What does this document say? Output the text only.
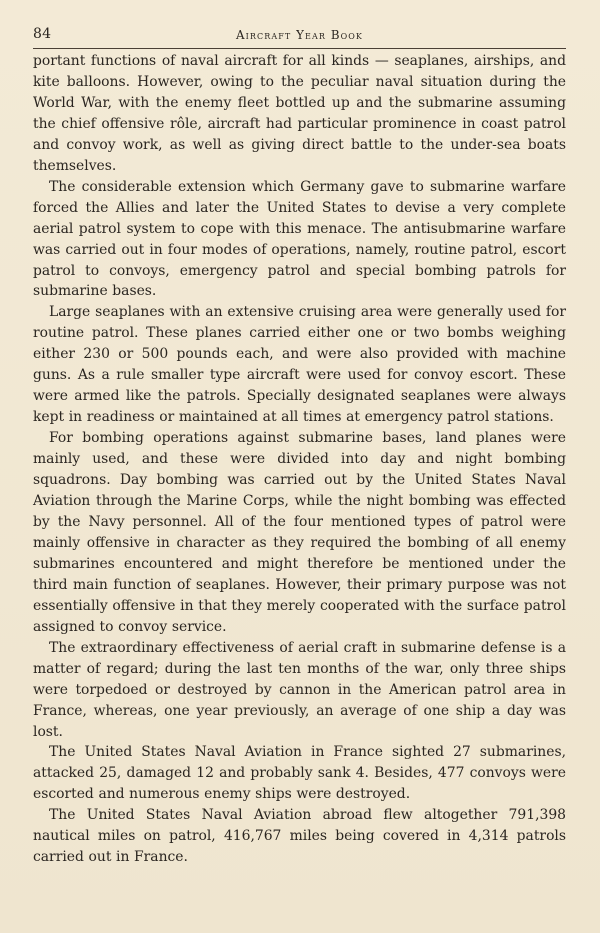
84	Aircraft Year Book

portant functions of naval aircraft for all kinds — seaplanes, airships, and kite balloons. However, owing to the peculiar naval situation during the World War, with the enemy fleet bottled up and the submarine assuming the chief offensive rôle, aircraft had particular prominence in coast patrol and convoy work, as well as giving direct battle to the under-sea boats themselves.

The considerable extension which Germany gave to submarine warfare forced the Allies and later the United States to devise a very complete aerial patrol system to cope with this menace. The antisubmarine warfare was carried out in four modes of operations, namely, routine patrol, escort patrol to convoys, emergency patrol and special bombing patrols for submarine bases.

Large seaplanes with an extensive cruising area were generally used for routine patrol. These planes carried either one or two bombs weighing either 230 or 500 pounds each, and were also provided with machine guns. As a rule smaller type aircraft were used for convoy escort. These were armed like the patrols. Specially designated seaplanes were always kept in readiness or maintained at all times at emergency patrol stations.

For bombing operations against submarine bases, land planes were mainly used, and these were divided into day and night bombing squadrons. Day bombing was carried out by the United States Naval Aviation through the Marine Corps, while the night bombing was effected by the Navy personnel. All of the four mentioned types of patrol were mainly offensive in character as they required the bombing of all enemy submarines encountered and might therefore be mentioned under the third main function of seaplanes. However, their primary purpose was not essentially offensive in that they merely cooperated with the surface patrol assigned to convoy service.

The extraordinary effectiveness of aerial craft in submarine defense is a matter of regard; during the last ten months of the war, only three ships were torpedoed or destroyed by cannon in the American patrol area in France, whereas, one year previously, an average of one ship a day was lost.

The United States Naval Aviation in France sighted 27 submarines, attacked 25, damaged 12 and probably sank 4. Besides, 477 convoys were escorted and numerous enemy ships were destroyed.

The United States Naval Aviation abroad flew altogether 791,398 nautical miles on patrol, 416,767 miles being covered in 4,314 patrols carried out in France.
